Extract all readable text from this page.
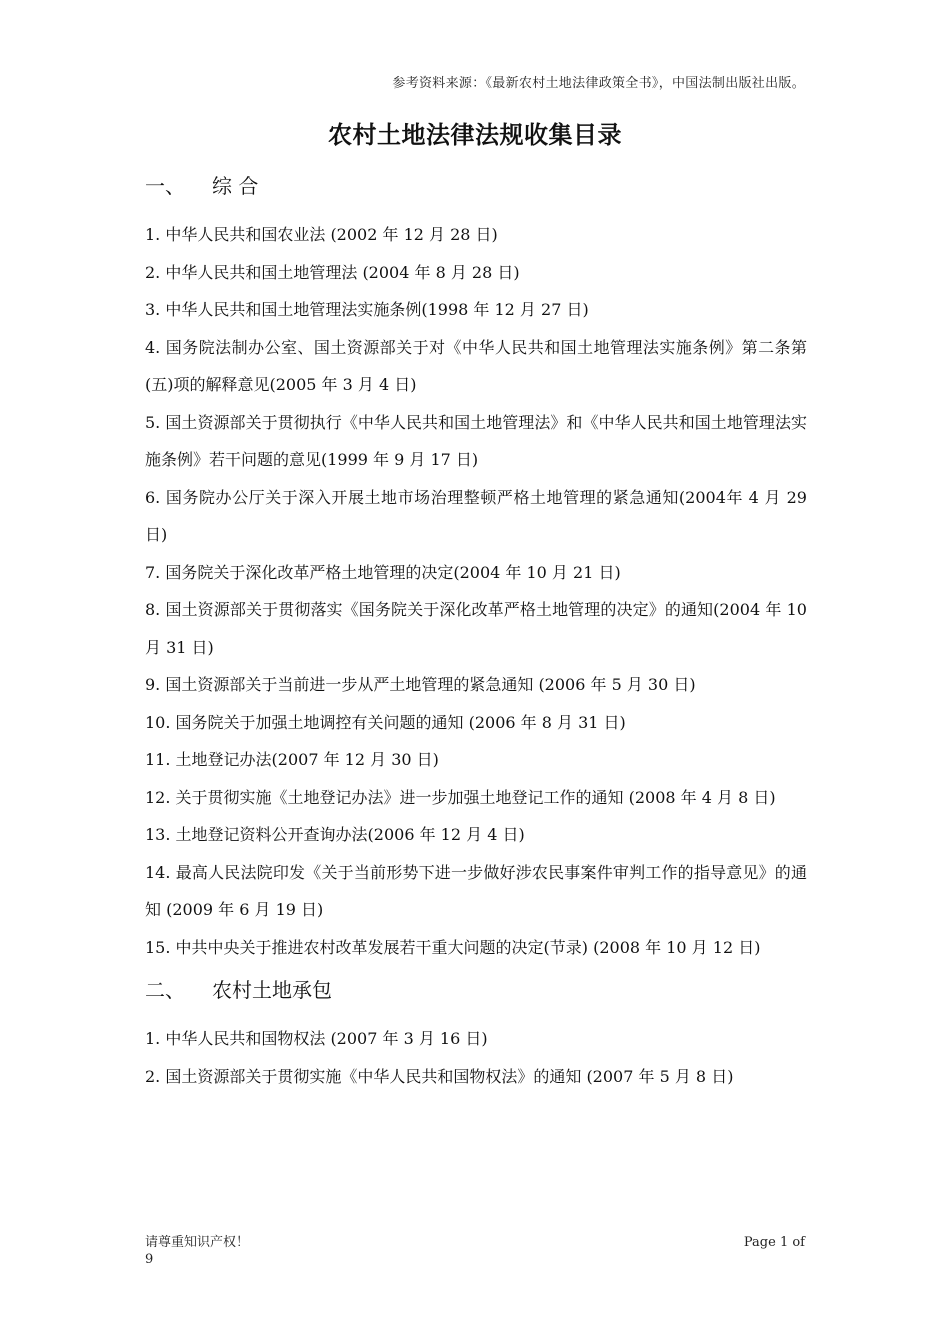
参考资料来源：《最新农村土地法律政策全书》，中国法制出版社出版。
农村土地法律法规收集目录
一、	综 合
1. 中华人民共和国农业法 (2002 年 12 月 28 日)
2. 中华人民共和国土地管理法 (2004 年 8 月 28 日)
3. 中华人民共和国土地管理法实施条例(1998 年 12 月 27 日)
4. 国务院法制办公室、国土资源部关于对《中华人民共和国土地管理法实施条例》第二条第(五)项的解释意见(2005 年 3 月 4 日)
5. 国土资源部关于贯彻执行《中华人民共和国土地管理法》和《中华人民共和国土地管理法实施条例》若干问题的意见(1999 年 9 月 17 日)
6. 国务院办公厅关于深入开展土地市场治理整顿严格土地管理的紧急通知(2004年 4 月 29 日)
7. 国务院关于深化改革严格土地管理的决定(2004 年 10 月 21 日)
8. 国土资源部关于贯彻落实《国务院关于深化改革严格土地管理的决定》的通知(2004 年 10 月 31 日)
9. 国土资源部关于当前进一步从严土地管理的紧急通知 (2006 年 5 月 30 日)
10. 国务院关于加强土地调控有关问题的通知 (2006 年 8 月 31 日)
11. 土地登记办法(2007 年 12 月 30 日)
12. 关于贯彻实施《土地登记办法》进一步加强土地登记工作的通知 (2008 年 4 月 8 日)
13. 土地登记资料公开查询办法(2006 年 12 月 4 日)
14. 最高人民法院印发《关于当前形势下进一步做好涉农民事案件审判工作的指导意见》的通知 (2009 年 6 月 19 日)
15. 中共中央关于推进农村改革发展若干重大问题的决定(节录) (2008 年 10 月 12 日)
二、	农村土地承包
1. 中华人民共和国物权法 (2007 年 3 月 16 日)
2. 国土资源部关于贯彻实施《中华人民共和国物权法》的通知 (2007 年 5 月 8 日)
请尊重知识产权！	Page 1 of
9
